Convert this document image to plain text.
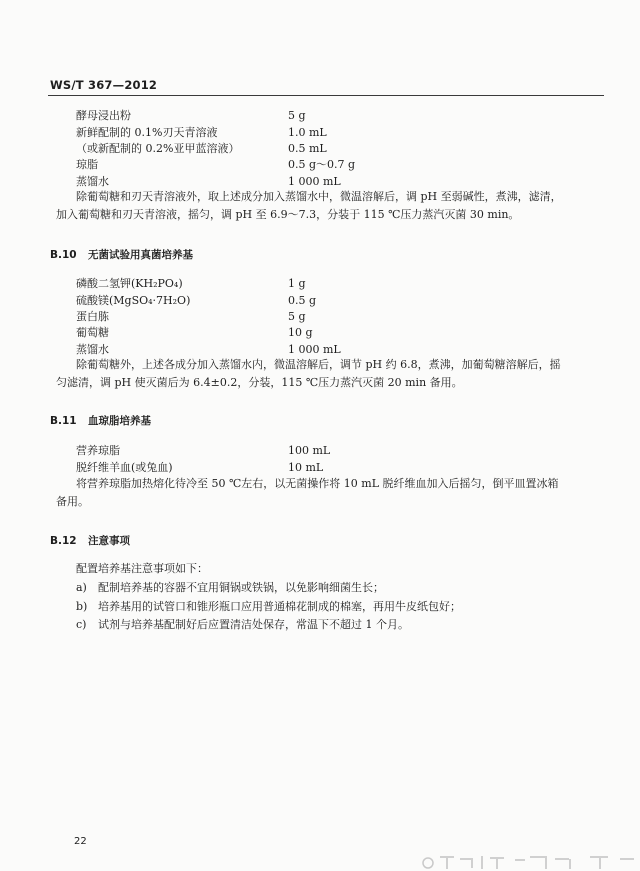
WS/T 367—2012
酵母浸出粉	5 g
新鲜配制的 0.1%刃天青溶液	1.0 mL
（或新配制的 0.2%亚甲蓝溶液）	0.5 mL
琼脂	0.5 g～0.7 g
蒸馏水	1 000 mL
除葡萄糖和刃天青溶液外，取上述成分加入蒸馏水中，微温溶解后，调 pH 至弱碱性，煮沸，滤清，加入葡萄糖和刃天青溶液，摇匀，调 pH 至 6.9～7.3，分装于 115 ℃压力蒸汽灭菌 30 min。
B.10 无菌试验用真菌培养基
磷酸二氢钾(KH₂PO₄)	1 g
硫酸镁(MgSO₄·7H₂O)	0.5 g
蛋白胨	5 g
葡萄糖	10 g
蒸馏水	1 000 mL
除葡萄糖外，上述各成分加入蒸馏水内，微温溶解后，调节 pH 约 6.8，煮沸，加葡萄糖溶解后，摇匀滤清，调 pH 使灭菌后为 6.4±0.2，分装，115 ℃压力蒸汽灭菌 20 min 备用。
B.11 血琼脂培养基
营养琼脂	100 mL
脱纤维羊血(或兔血)	10 mL
将营养琼脂加热熔化待冷至 50 ℃左右，以无菌操作将 10 mL 脱纤维血加入后摇匀，倒平皿置冰箱备用。
B.12 注意事项
配置培养基注意事项如下：
a) 配制培养基的容器不宜用铜锅或铁锅，以免影响细菌生长；
b) 培养基用的试管口和锥形瓶口应用普通棉花制成的棉塞，再用牛皮纸包好；
c) 试剂与培养基配制好后应置清洁处保存，常温下不超过 1 个月。
22
